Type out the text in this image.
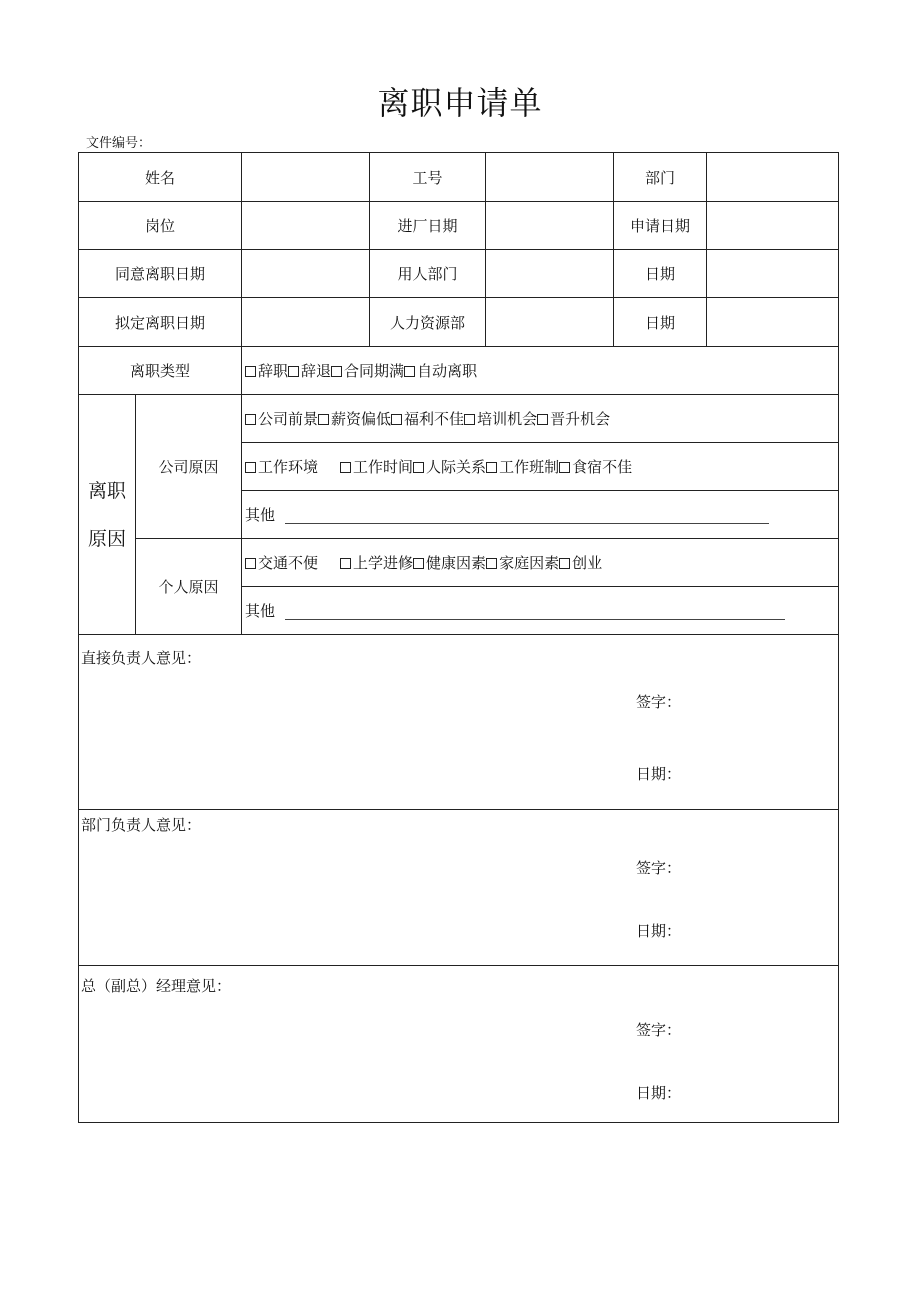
离职申请单
文件编号：
姓名			工号		部门	
岗位			进厂日期		申请日期	
同意离职日期			用人部门		日期	
拟定离职日期			人力资源部		日期	
离职类型		辞职 辞退 合同期满 自动离职				

离职
原因	公司原因	公司前景 薪资偏低 福利不佳 培训机会 晋升机会				
		工作环境 工作时间 人际关系 工作班制 食宿不佳				
		其他				
	个人原因	交通不便 上学进修 健康因素 家庭因素 创业				
		其他				

直接负责人意见：
签字：
日期：						

部门负责人意见：
签字：
日期：						

总（副总）经理意见：
签字：
日期：						
